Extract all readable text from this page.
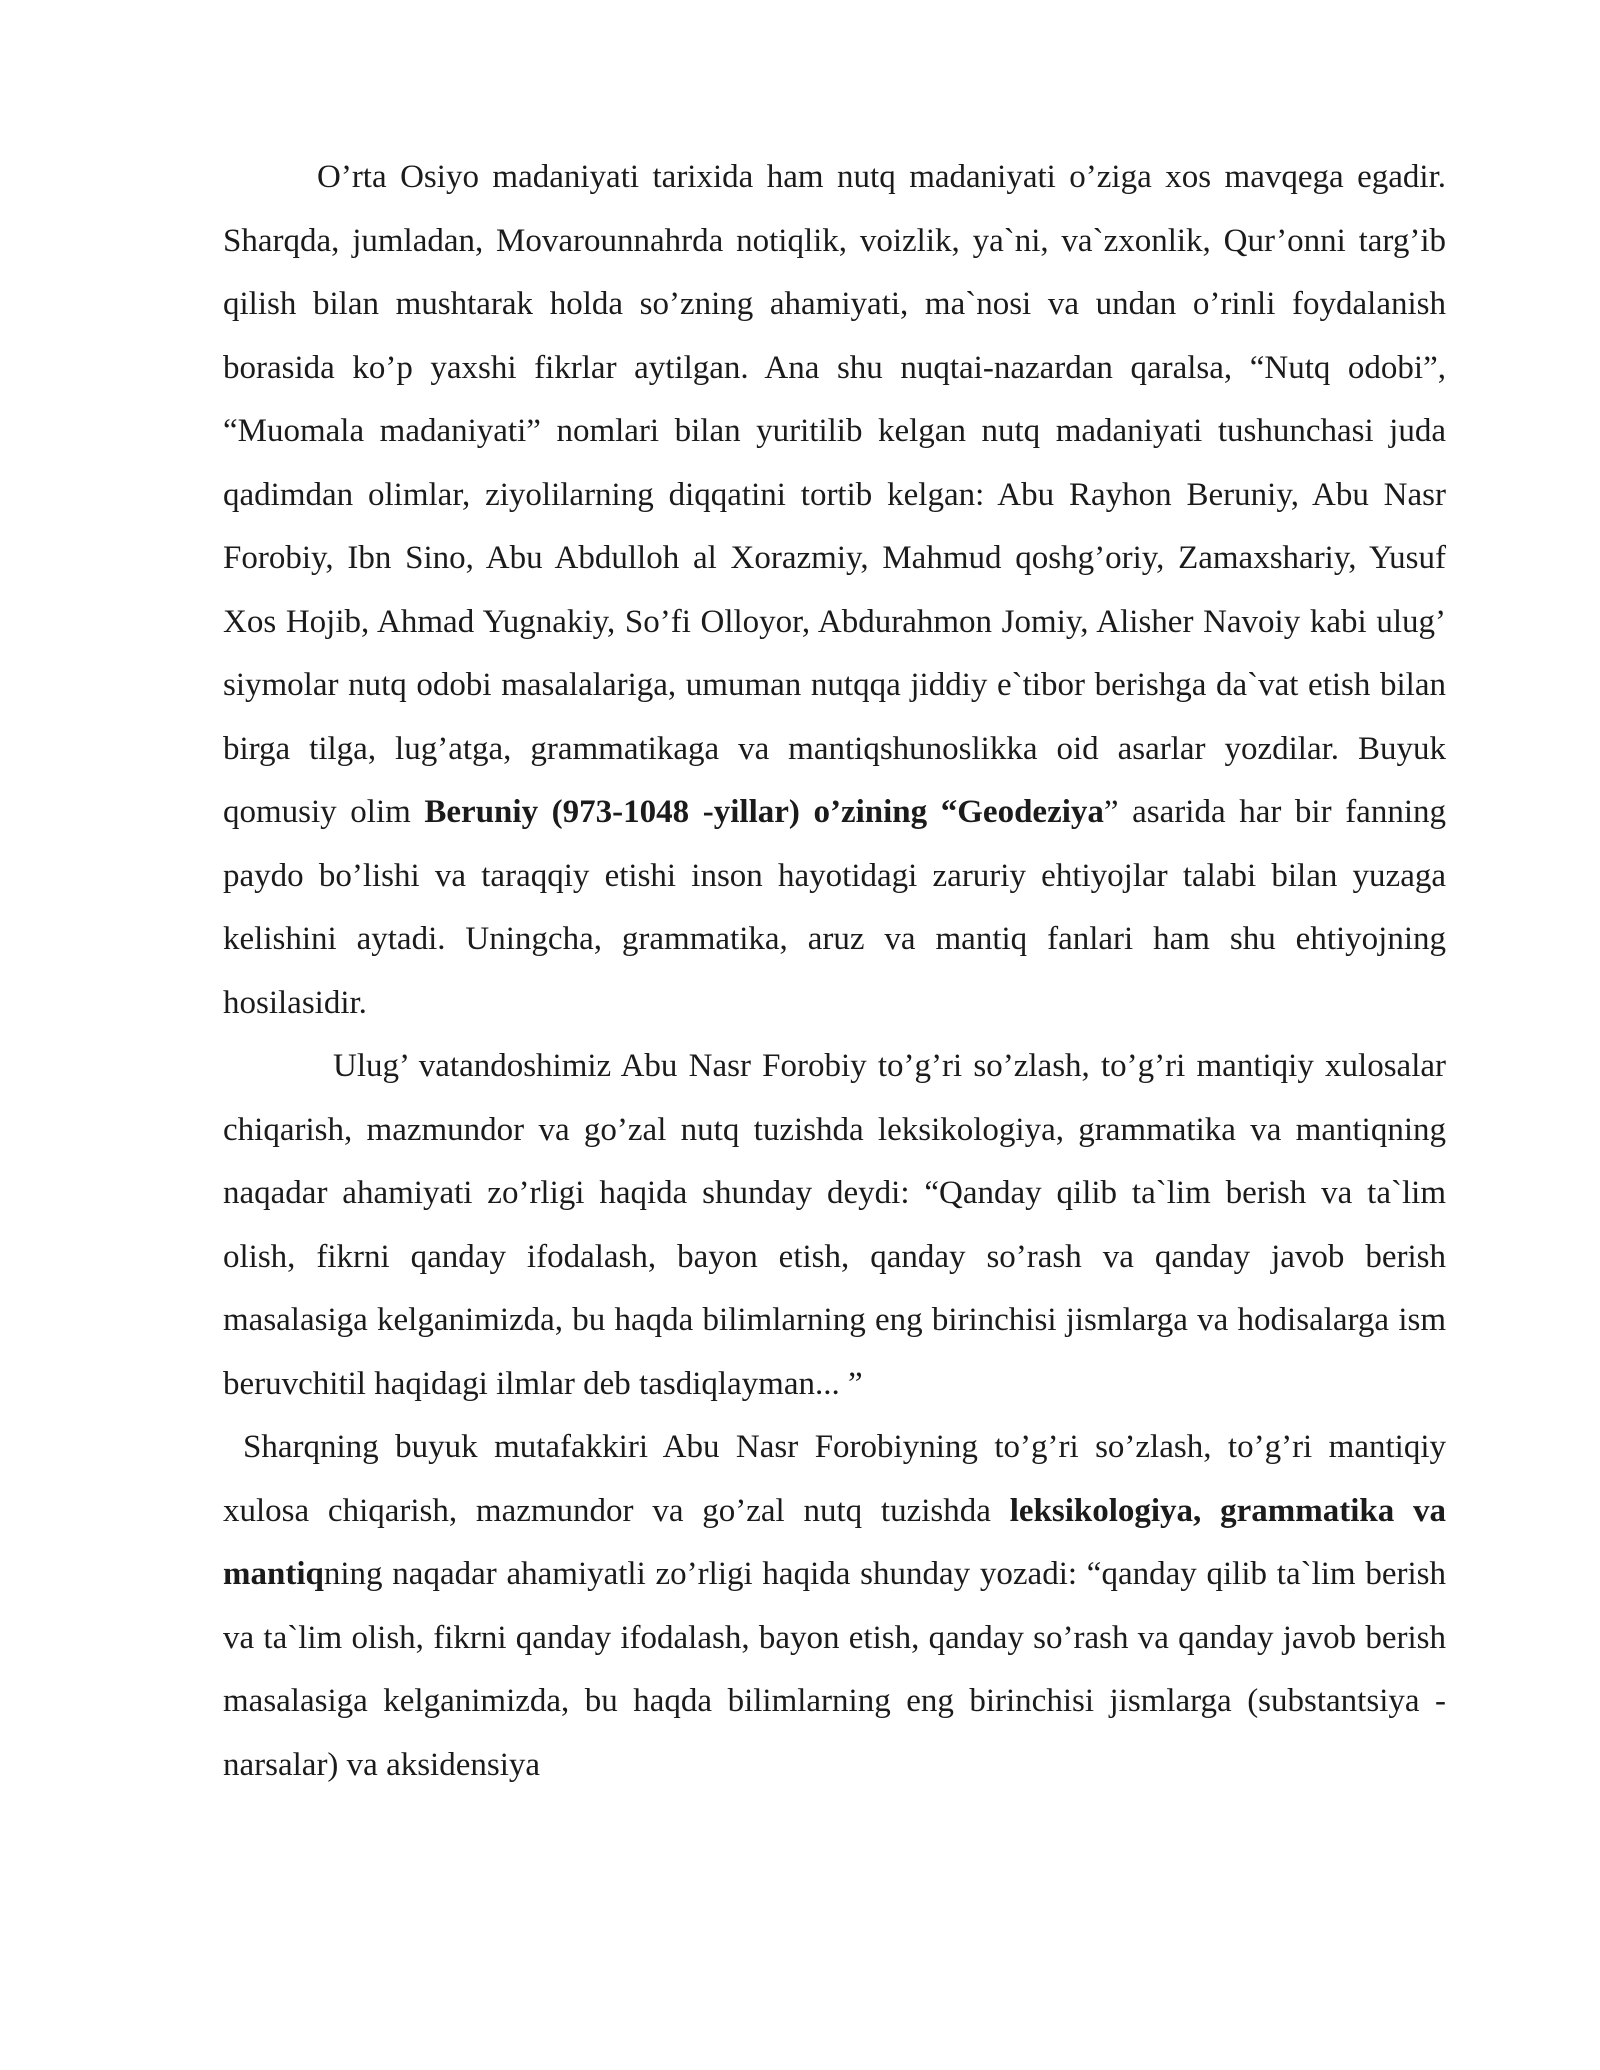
O’rta Osiyo madaniyati tarixida ham nutq madaniyati o’ziga xos mavqega egadir. Sharqda, jumladan, Movarounnahrda notiqlik, voizlik, ya`ni, va`zxonlik, Qur’onni targ’ib qilish bilan mushtarak holda so’zning ahamiyati, ma`nosi va undan o’rinli foydalanish borasida ko’p yaxshi fikrlar aytilgan. Ana shu nuqtai-nazardan qaralsa, “Nutq odobi”, “Muomala madaniyati” nomlari bilan yuritilib kelgan nutq madaniyati tushunchasi juda qadimdan olimlar, ziyolilarning diqqatini tortib kelgan: Abu Rayhon Beruniy, Abu Nasr Forobiy, Ibn Sino, Abu Abdulloh al Xorazmiy, Mahmud qoshg’oriy, Zamaxshariy, Yusuf Xos Hojib, Ahmad Yugnakiy, So’fi Olloyor, Abdurahmon Jomiy, Alisher Navoiy kabi ulug’ siymolar nutq odobi masalalariga, umuman nutqqa jiddiy e`tibor berishga da`vat etish bilan birga tilga, lug’atga, grammatikaga va mantiqshunoslikka oid asarlar yozdilar. Buyuk qomusiy olim Beruniy (973-1048 -yillar) o’zining “Geodeziya” asarida har bir fanning paydo bo’lishi va taraqqiy etishi inson hayotidagi zaruriy ehtiyojlar talabi bilan yuzaga kelishini aytadi. Uningcha, grammatika, aruz va mantiq fanlari ham shu ehtiyojning hosilasidir.

Ulug’ vatandoshimiz Abu Nasr Forobiy to’g’ri so’zlash, to’g’ri mantiqiy xulosalar chiqarish, mazmundor va go’zal nutq tuzishda leksikologiya, grammatika va mantiqning naqadar ahamiyati zo’rligi haqida shunday deydi: “Qanday qilib ta`lim berish va ta`lim olish, fikrni qanday ifodalash, bayon etish, qanday so’rash va qanday javob berish masalasiga kelganimizda, bu haqda bilimlarning eng birinchisi jismlarga va hodisalarga ism beruvchitil haqidagi ilmlar deb tasdiqlayman... ”

Sharqning buyuk mutafakkiri Abu Nasr Forobiyning to’g’ri so’zlash, to’g’ri mantiqiy xulosa chiqarish, mazmundor va go’zal nutq tuzishda leksikologiya, grammatika va mantiqning naqadar ahamiyatli zo’rligi haqida shunday yozadi: “qanday qilib ta`lim berish va ta`lim olish, fikrni qanday ifodalash, bayon etish, qanday so’rash va qanday javob berish masalasiga kelganimizda, bu haqda bilimlarning eng birinchisi jismlarga (substantsiya -narsalar) va aksidensiya
